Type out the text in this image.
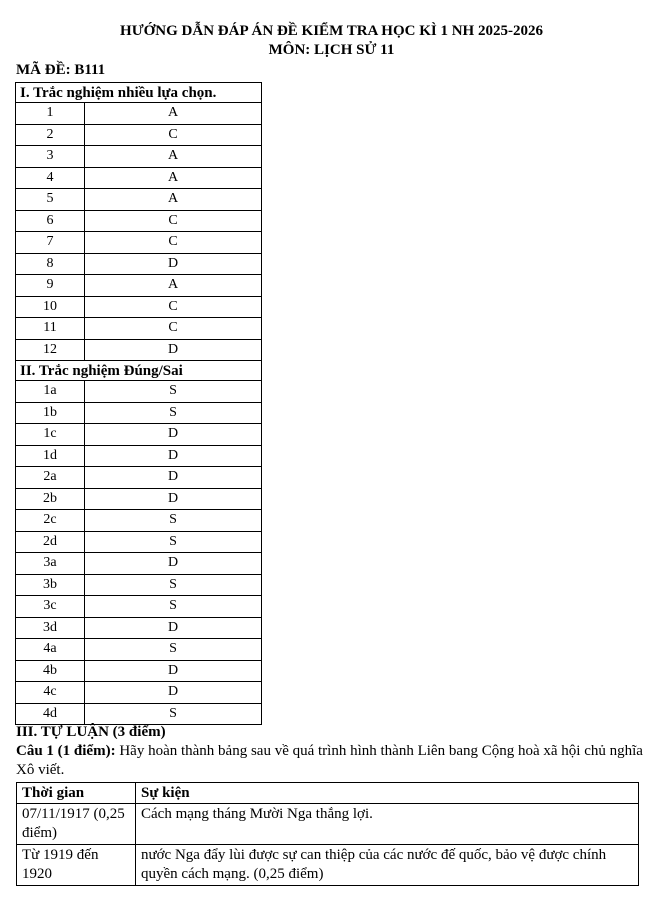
HƯỚNG DẪN ĐÁP ÁN ĐỀ KIỂM TRA HỌC KÌ 1 NH 2025-2026
MÔN: LỊCH SỬ 11
MÃ ĐỀ: B111
I. Trắc nghiệm nhiều lựa chọn.	
1	A
2	C
3	A
4	A
5	A
6	C
7	C
8	D
9	A
10	C
11	C
12	D
II. Trắc nghiệm Đúng/Sai	
1a	S
1b	S
1c	D
1d	D
2a	D
2b	D
2c	S
2d	S
3a	D
3b	S
3c	S
3d	D
4a	S
4b	D
4c	D
4d	S
III. TỰ LUẬN (3 điểm)
Câu 1 (1 điểm): Hãy hoàn thành bảng sau về quá trình hình thành Liên bang Cộng hoà xã hội chủ nghĩa Xô viết.
Thời gian	Sự kiện
07/11/1917 (0,25 điểm)	Cách mạng tháng Mười Nga thắng lợi.
Từ 1919 đến 1920	nước Nga đẩy lùi được sự can thiệp của các nước đế quốc, bảo vệ được chính quyền cách mạng. (0,25 điểm)
